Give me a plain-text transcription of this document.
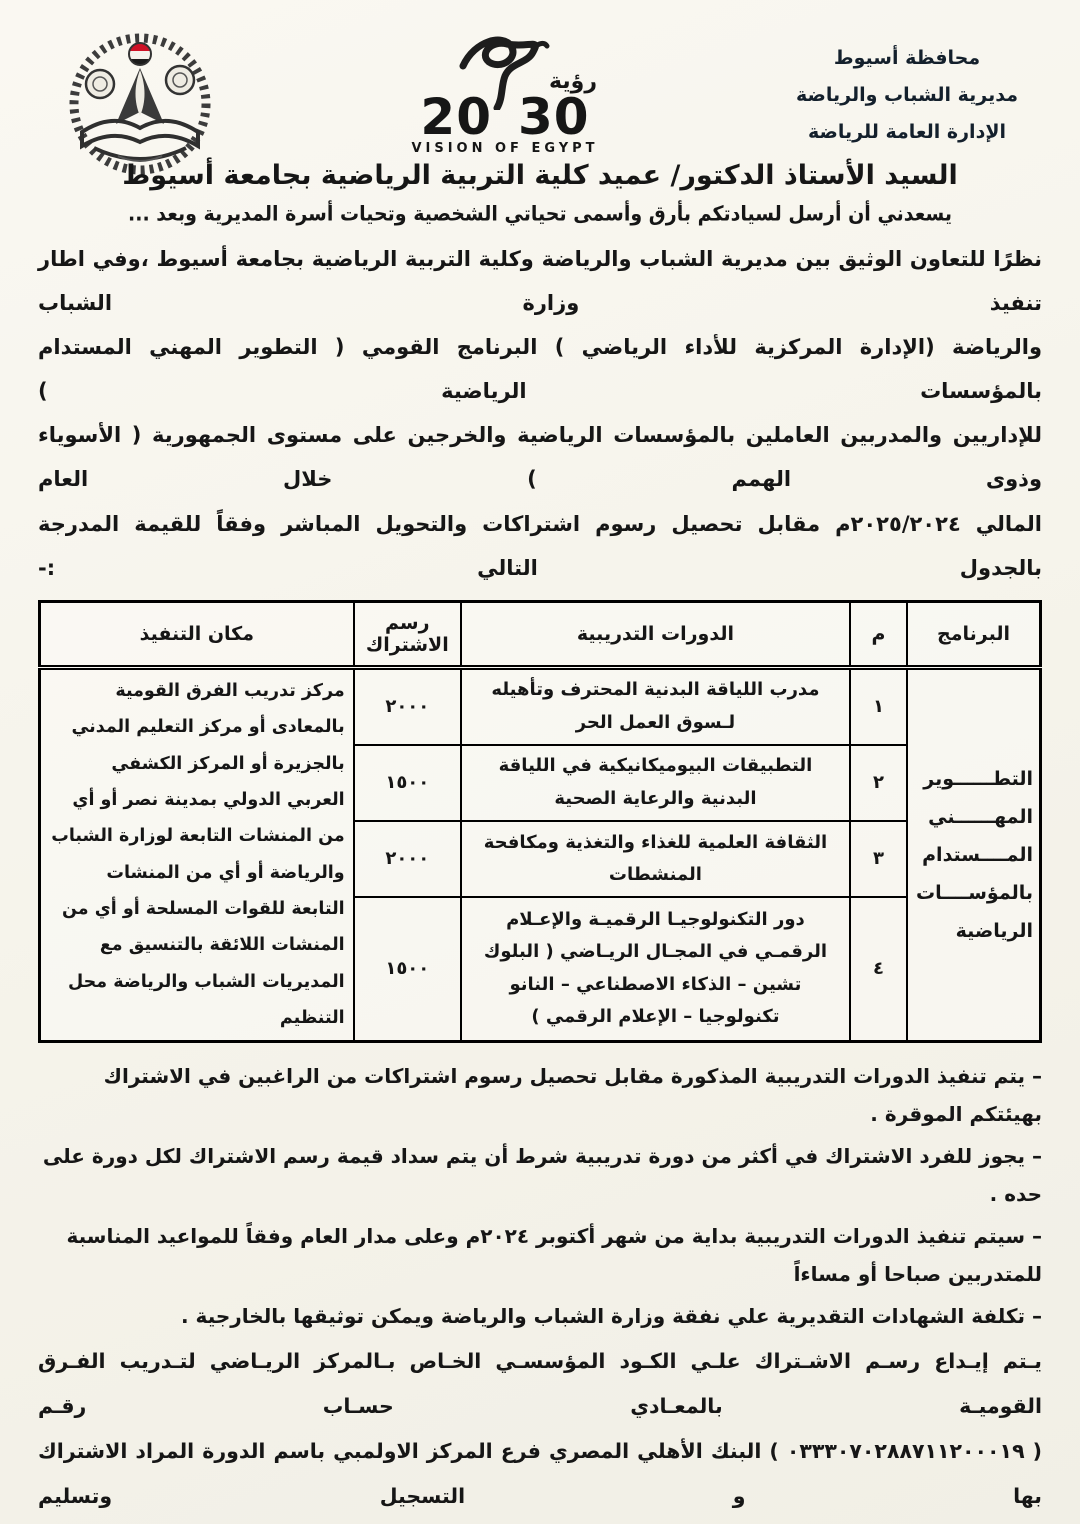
محافظة أسيوط
مديرية الشباب والرياضة
الإدارة العامة للرياضة
رؤية
20 30
VISION OF EGYPT
السيد الأستاذ الدكتور/ عميد كلية التربية الرياضية بجامعة أسيوط
يسعدني أن أرسل لسيادتكم بأرق وأسمى تحياتي الشخصية وتحيات أسرة المديرية وبعد ...
نظرًا للتعاون الوثيق بين مديرية الشباب والرياضة وكلية التربية الرياضية بجامعة أسيوط ،وفي اطار تنفيذ وزارة الشباب
والرياضة (الإدارة المركزية للأداء الرياضي ) البرنامج القومي ( التطوير المهني المستدام بالمؤسسات الرياضية )
للإداريين والمدربين العاملين بالمؤسسات الرياضية والخرجين على مستوى الجمهورية ( الأسوياء وذوى الهمم ) خلال العام
المالي ٢٠٢٥/٢٠٢٤م مقابل تحصيل رسوم اشتراكات والتحويل المباشر وفقاً للقيمة المدرجة بالجدول التالي :-
البرنامج	م	الدورات التدريبية	رسم الاشتراك	مكان التنفيذ
التطــــــوير المهــــــني المــــستدام بالمؤســــات الرياضية	١	مدرب اللياقة البدنية المحترف وتأهيله لـسوق العمل الحر	٢٠٠٠	مركز تدريب الفرق القومية بالمعادى أو مركز التعليم المدني بالجزيرة أو المركز الكشفي العربي الدولي بمدينة نصر أو أي من المنشات التابعة لوزارة الشباب والرياضة أو أي من المنشات التابعة للقوات المسلحة أو أي من المنشات اللائقة بالتنسيق مع المديريات الشباب والرياضة محل التنظيم
	٢	التطبيقات البيوميكانيكية في اللياقة البدنية والرعاية الصحية	١٥٠٠	
	٣	الثقافة العلمية للغذاء والتغذية ومكافحة المنشطات	٢٠٠٠	
	٤	دور التكنولوجيـا الرقميـة والإعـلام الرقمـي في المجـال الريـاضي ( البلوك تشين – الذكاء الاصطناعي – النانو تكنولوجيا – الإعلام الرقمي )	١٥٠٠	
– يتم تنفيذ الدورات التدريبية المذكورة مقابل تحصيل رسوم اشتراكات من الراغبين في الاشتراك بهيئتكم الموقرة .
– يجوز للفرد الاشتراك في أكثر من دورة تدريبية شرط أن يتم سداد قيمة رسم الاشتراك لكل دورة على حده .
– سيتم تنفيذ الدورات التدريبية بداية من شهر أكتوبر ٢٠٢٤م وعلى مدار العام وفقاً للمواعيد المناسبة للمتدربين صباحا أو مساءاً
– تكلفة الشهادات التقديرية علي نفقة وزارة الشباب والرياضة ويمكن توثيقها بالخارجية .
يـتم إيـداع رسـم الاشـتراك علـي الكـود المؤسسـي الخـاص بـالمركز الريـاضي لتـدريب الفـرق القوميـة بالمعـادي حسـاب رقـم
( ٠٣٣٣٠٧٠٢٨٨٧١١٢٠٠٠١٩ ) البنك الأهلي المصري فرع المركز الاولمبي باسم الدورة المراد الاشتراك بها و التسجيل وتسليم
